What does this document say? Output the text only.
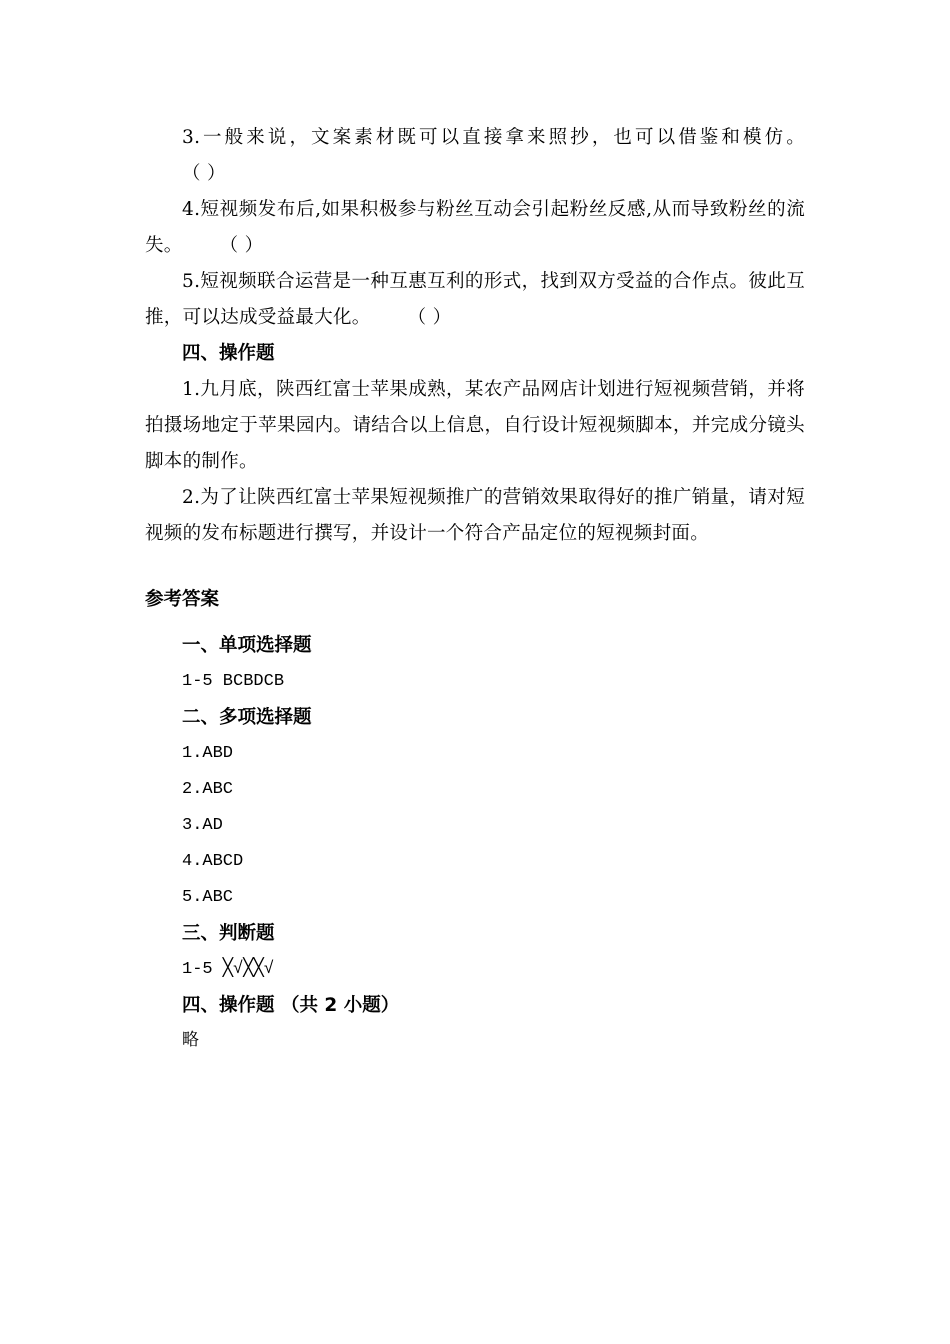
3.一般来说，文案素材既可以直接拿来照抄，也可以借鉴和模仿。（ ）

4.短视频发布后,如果积极参与粉丝互动会引起粉丝反感,从而导致粉丝的流失。 （ ）

5.短视频联合运营是一种互惠互利的形式，找到双方受益的合作点。彼此互推，可以达成受益最大化。 （ ）

四、操作题

1.九月底，陕西红富士苹果成熟，某农产品网店计划进行短视频营销，并将拍摄场地定于苹果园内。请结合以上信息，自行设计短视频脚本，并完成分镜头脚本的制作。

2.为了让陕西红富士苹果短视频推广的营销效果取得好的推广销量，请对短视频的发布标题进行撰写，并设计一个符合产品定位的短视频封面。

参考答案

一、单项选择题

1-5 BCBDCB

二、多项选择题

1.ABD

2.ABC

3.AD

4.ABCD

5.ABC

三、判断题

1-5 ╳√╳╳√

四、操作题 （共 2 小题）

略
